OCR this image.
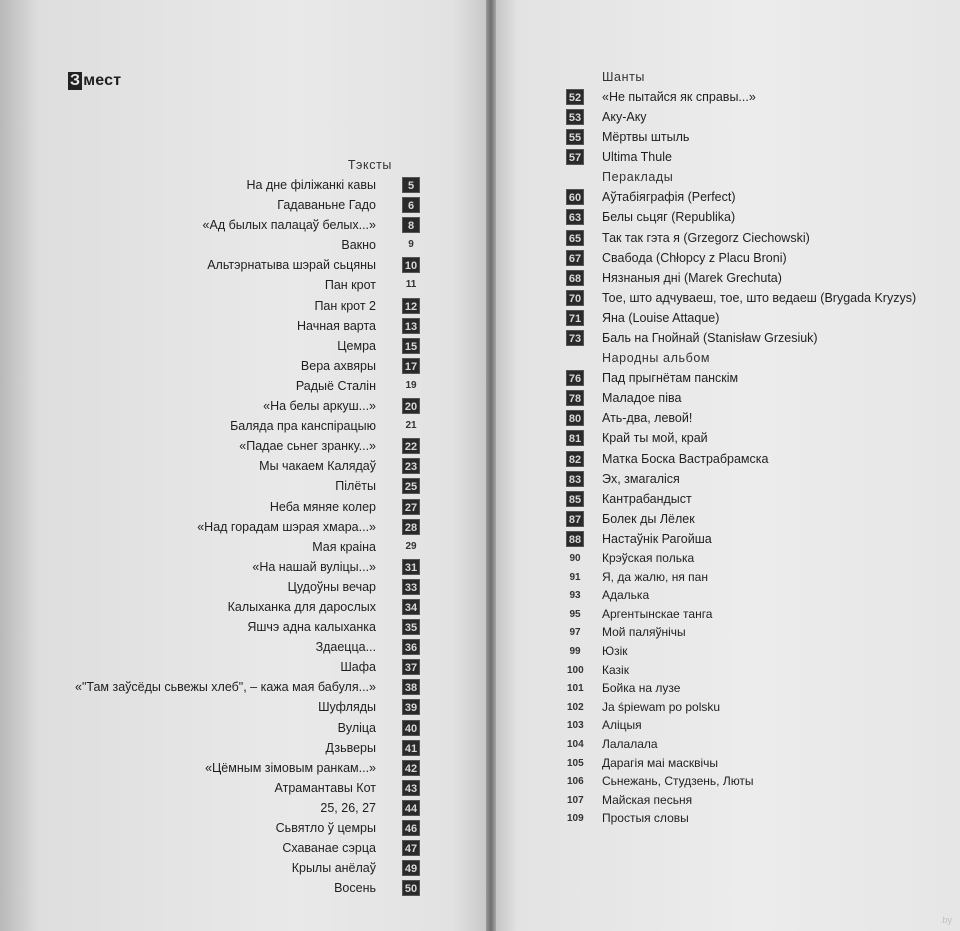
З мест
Тэксты
На дне філіжанкі кавы	5
Гадаваньне Гадо	6
«Ад былых палацаў белых...»	8
Вакно	9
Альтэрнатыва шэрай сьцяны	10
Пан крот	11
Пан крот 2	12
Начная варта	13
Цемра	15
Вера ахвяры	17
Радыё Сталін	19
«На белы аркуш...»	20
Баляда пра канспірацыю	21
«Падае сьнег зранку...»	22
Мы чакаем Калядаў	23
Пілёты	25
Неба мяняе колер	27
«Над горадам шэрая хмара...»	28
Мая краіна	29
«На нашай вуліцы...»	31
Цудоўны вечар	33
Калыханка для дарослых	34
Яшчэ адна калыханка	35
Здаецца...	36
Шафа	37
«"Там заўсёды сьвежы хлеб", – кажа мая бабуля...»	38
Шуфляды	39
Вуліца	40
Дзьверы	41
«Цёмным зімовым ранкам...»	42
Атрамантавы Кот	43
25, 26, 27	44
Сьвятло ў цемры	46
Схаванае сэрца	47
Крылы анёлаў	49
Восень	50
Шанты
52 «Не пытайся як справы...»
53 Аку-Аку
55 Мёртвы штыль
57 Ultima Thule
Пераклады
60 Аўтабіяграфія (Perfect)
63 Белы сьцяг (Republika)
65 Так так гэта я (Grzegorz Ciechowski)
67 Свабода (Chłopcy z Placu Broni)
68 Нязнаныя дні (Marek Grechuta)
70 Тое, што адчуваеш, тое, што ведаеш (Brygada Kryzys)
71 Яна (Louise Attaque)
73 Баль на Гнойнай (Stanisław Grzesiuk)
Народны альбом
76 Пад прыгнётам панскім
78 Маладое піва
80 Ать-два, левой!
81 Край ты мой, край
82 Матка Боска Вастрабрамска
83 Эх, змагаліся
85 Кантрабандыст
87 Болек ды Лёлек
88 Настаўнік Рагойша
90 Крэўская полька
91 Я, да жалю, ня пан
93 Адалька
95 Аргентынскае танга
97 Мой паляўнічы
99 Юзік
100 Казік
101 Бойка на лузе
102 Ja śpiewam po polsku
103 Аліцыя
104 Лалалала
105 Дарагія маі масквічы
106 Сьнежань, Студзень, Люты
107 Майская песьня
109 Простыя словы
.by
